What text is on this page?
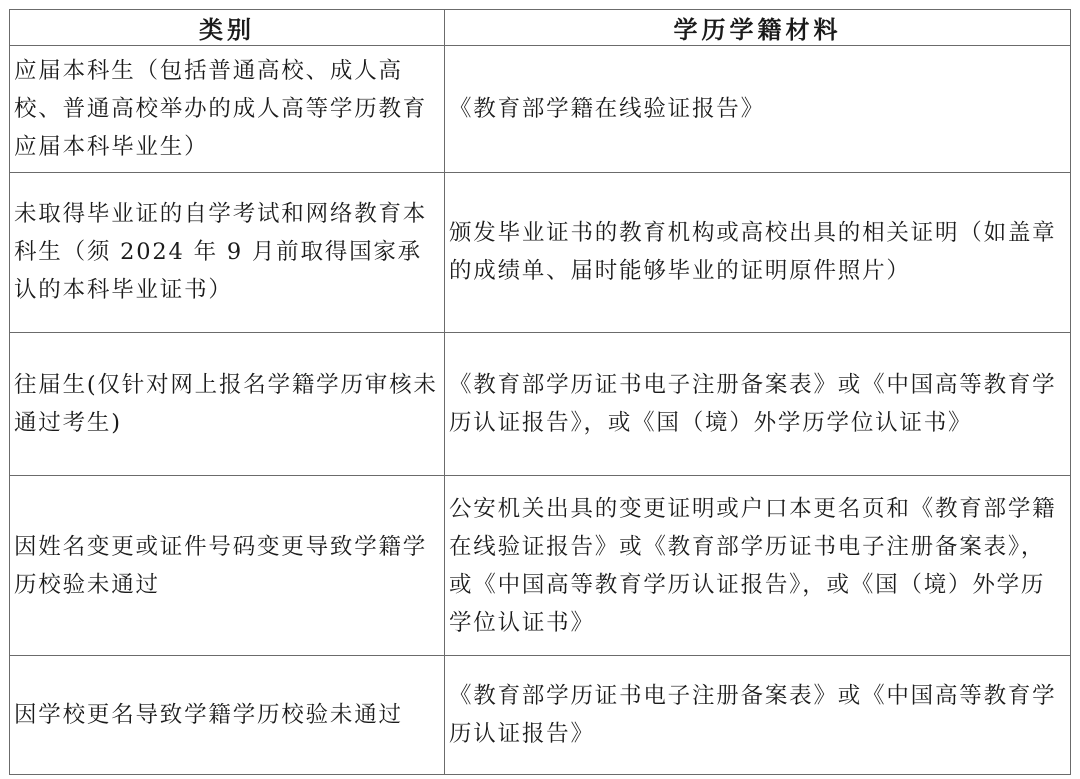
类别	学历学籍材料
应届本科生（包括普通高校、成人高校、普通高校举办的成人高等学历教育应届本科毕业生）	《教育部学籍在线验证报告》
未取得毕业证的自学考试和网络教育本科生（须 2024 年 9 月前取得国家承认的本科毕业证书）	颁发毕业证书的教育机构或高校出具的相关证明（如盖章的成绩单、届时能够毕业的证明原件照片）
往届生(仅针对网上报名学籍学历审核未通过考生)	《教育部学历证书电子注册备案表》或《中国高等教育学历认证报告》，或《国（境）外学历学位认证书》
因姓名变更或证件号码变更导致学籍学历校验未通过	公安机关出具的变更证明或户口本更名页和《教育部学籍在线验证报告》或《教育部学历证书电子注册备案表》，或《中国高等教育学历认证报告》，或《国（境）外学历学位认证书》
因学校更名导致学籍学历校验未通过	《教育部学历证书电子注册备案表》或《中国高等教育学历认证报告》
